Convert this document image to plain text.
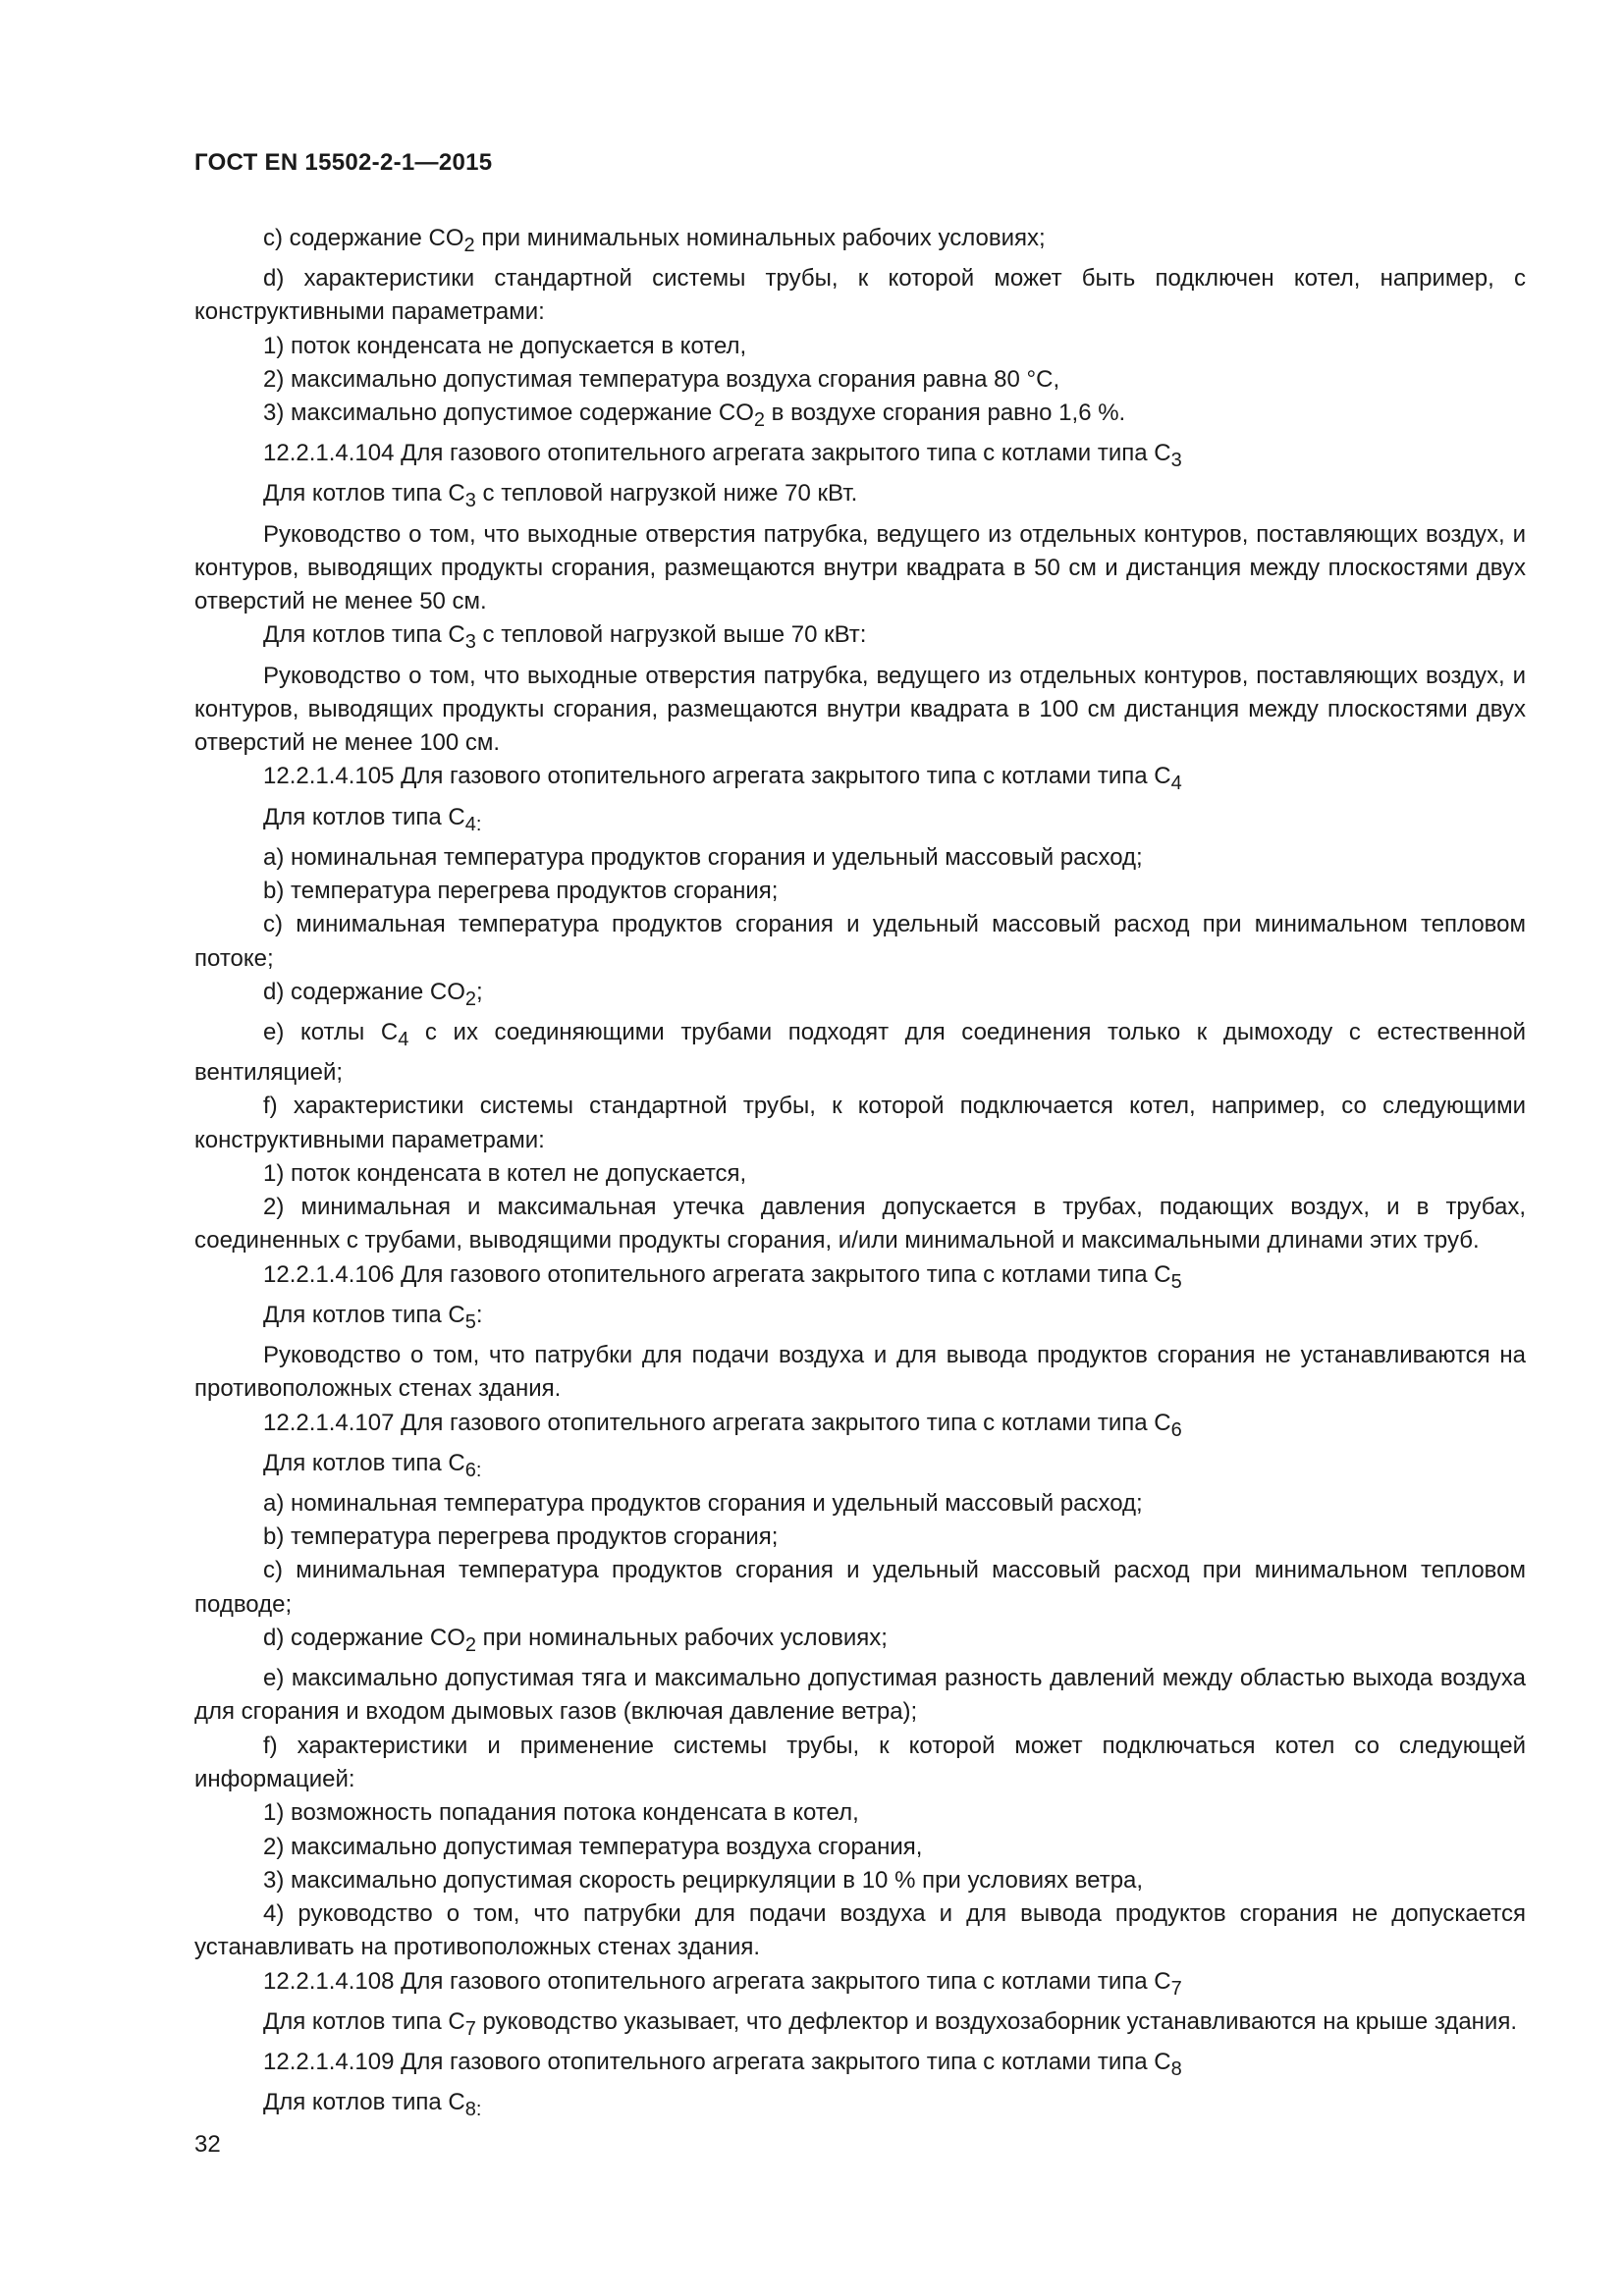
ГОСТ EN 15502-2-1—2015

с) содержание $CO_2$ при минимальных номинальных рабочих условиях;

d) характеристики стандартной системы трубы, к которой может быть подключен котел, например, с конструктивными параметрами:

1) поток конденсата не допускается в котел,

2) максимально допустимая температура воздуха сгорания равна 80 °C,

3) максимально допустимое содержание $CO_2$ в воздухе сгорания равно 1,6 %.

12.2.1.4.104 Для газового отопительного агрегата закрытого типа с котлами типа $С_3$

Для котлов типа $С_3$ с тепловой нагрузкой ниже 70 кВт.

Руководство о том, что выходные отверстия патрубка, ведущего из отдельных контуров, поставляющих воздух, и контуров, выводящих продукты сгорания, размещаются внутри квадрата в 50 см и дистанция между плоскостями двух отверстий не менее 50 см.

Для котлов типа $С_3$ с тепловой нагрузкой выше 70 кВт:

Руководство о том, что выходные отверстия патрубка, ведущего из отдельных контуров, поставляющих воздух, и контуров, выводящих продукты сгорания, размещаются внутри квадрата в 100 см дистанция между плоскостями двух отверстий не менее 100 см.

12.2.1.4.105 Для газового отопительного агрегата закрытого типа с котлами типа $С_4$

Для котлов типа $С_{4:}$

а) номинальная температура продуктов сгорания и удельный массовый расход;

b) температура перегрева продуктов сгорания;

с) минимальная температура продуктов сгорания и удельный массовый расход при минимальном тепловом потоке;

d) содержание $CO_2$;

е) котлы $С_4$ с их соединяющими трубами подходят для соединения только к дымоходу с естественной вентиляцией;

f) характеристики системы стандартной трубы, к которой подключается котел, например, со следующими конструктивными параметрами:

1) поток конденсата в котел не допускается,

2) минимальная и максимальная утечка давления допускается в трубах, подающих воздух, и в трубах, соединенных с трубами, выводящими продукты сгорания, и/или минимальной и максимальными длинами этих труб.

12.2.1.4.106 Для газового отопительного агрегата закрытого типа с котлами типа $С_5$

Для котлов типа $С_5$:

Руководство о том, что патрубки для подачи воздуха и для вывода продуктов сгорания не устанавливаются на противоположных стенах здания.

12.2.1.4.107 Для газового отопительного агрегата закрытого типа с котлами типа $С_6$

Для котлов типа $С_{6:}$

а) номинальная температура продуктов сгорания и удельный массовый расход;

b) температура перегрева продуктов сгорания;

с) минимальная температура продуктов сгорания и удельный массовый расход при минимальном тепловом подводе;

d) содержание $CO_2$ при номинальных рабочих условиях;

е) максимально допустимая тяга и максимально допустимая разность давлений между областью выхода воздуха для сгорания и входом дымовых газов (включая давление ветра);

f) характеристики и применение системы трубы, к которой может подключаться котел со следующей информацией:

1) возможность попадания потока конденсата в котел,

2) максимально допустимая температура воздуха сгорания,

3) максимально допустимая скорость рециркуляции в 10 % при условиях ветра,

4) руководство о том, что патрубки для подачи воздуха и для вывода продуктов сгорания не допускается устанавливать на противоположных стенах здания.

12.2.1.4.108 Для газового отопительного агрегата закрытого типа с котлами типа $С_7$

Для котлов типа $С_7$ руководство указывает, что дефлектор и воздухозаборник устанавливаются на крыше здания.

12.2.1.4.109 Для газового отопительного агрегата закрытого типа с котлами типа $С_8$

Для котлов типа $С_{8:}$

32
